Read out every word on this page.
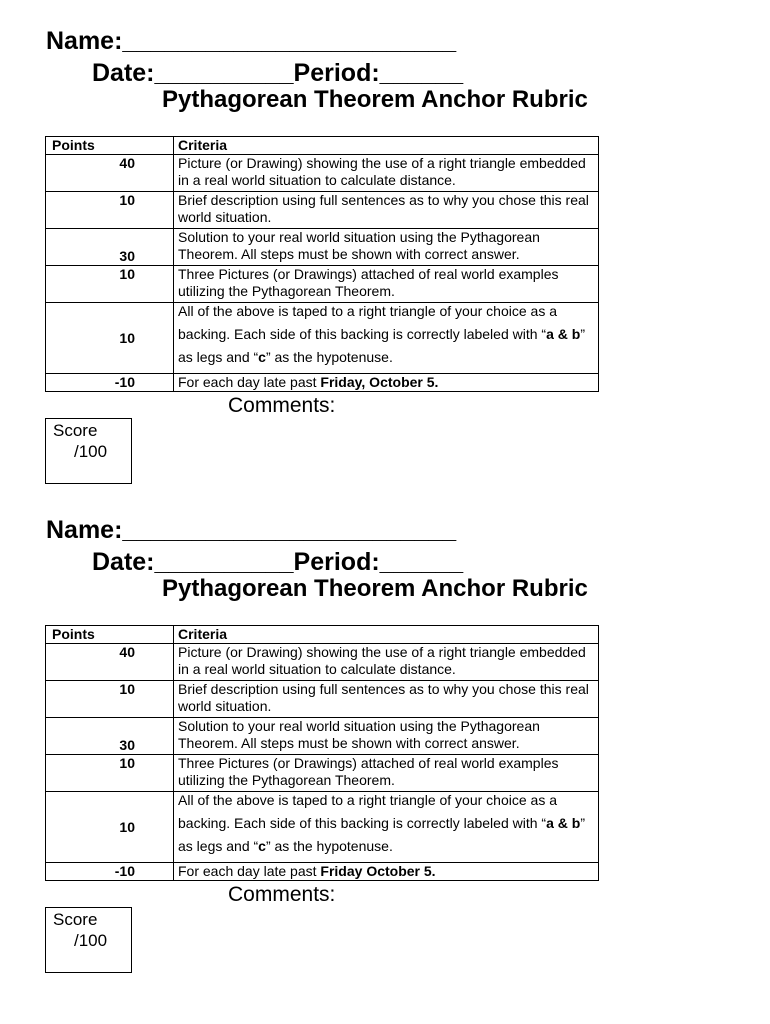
Name:________________________
Date:__________Period:______
Pythagorean Theorem Anchor Rubric
Points	Criteria
40	Picture (or Drawing) showing the use of a right triangle embedded in a real world situation to calculate distance.
10	Brief description using full sentences as to why you chose this real world situation.
30	Solution to your real world situation using the Pythagorean Theorem. All steps must be shown with correct answer.
10	Three Pictures (or Drawings) attached of real world examples utilizing the Pythagorean Theorem.
10	All of the above is taped to a right triangle of your choice as a
backing. Each side of this backing is correctly labeled with “a & b”
as legs and “c” as the hypotenuse.

-10	For each day late past Friday, October 5.
Comments:
Score
/100
Name:________________________
Date:__________Period:______
Pythagorean Theorem Anchor Rubric
Points	Criteria
40	Picture (or Drawing) showing the use of a right triangle embedded in a real world situation to calculate distance.
10	Brief description using full sentences as to why you chose this real world situation.
30	Solution to your real world situation using the Pythagorean Theorem. All steps must be shown with correct answer.
10	Three Pictures (or Drawings) attached of real world examples utilizing the Pythagorean Theorem.
10	All of the above is taped to a right triangle of your choice as a
backing. Each side of this backing is correctly labeled with “a & b”
as legs and “c” as the hypotenuse.

-10	For each day late past Friday October 5.
Comments:
Score
/100
